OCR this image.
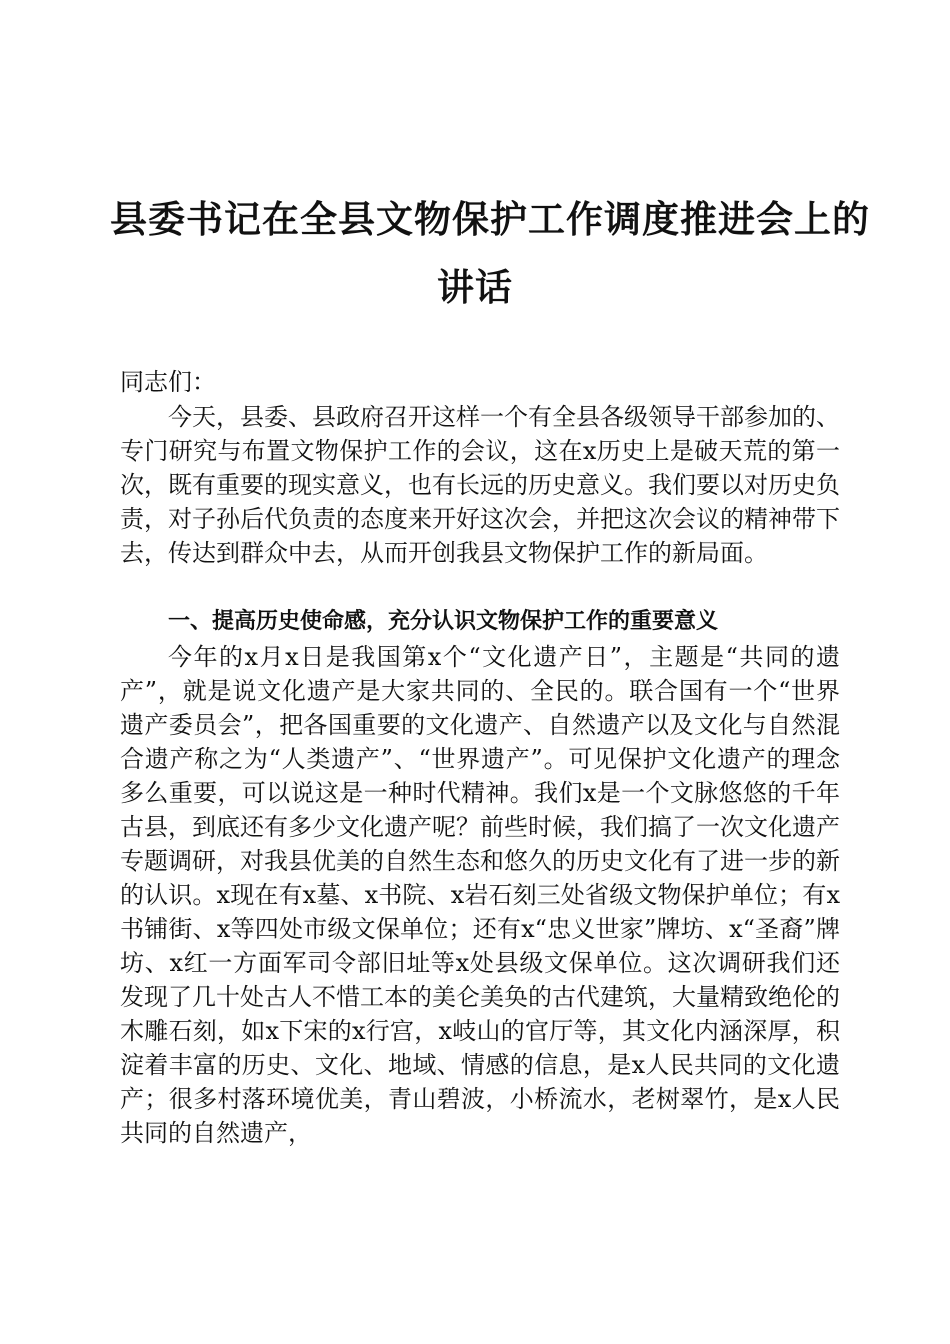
县委书记在全县文物保护工作调度推进会上的
讲话

同志们：

今天，县委、县政府召开这样一个有全县各级领导干部参加的、专门研究与布置文物保护工作的会议，这在x历史上是破天荒的第一次，既有重要的现实意义，也有长远的历史意义。我们要以对历史负责，对子孙后代负责的态度来开好这次会，并把这次会议的精神带下去，传达到群众中去，从而开创我县文物保护工作的新局面。

一、提高历史使命感，充分认识文物保护工作的重要意义

今年的x月x日是我国第x个“文化遗产日”，主题是“共同的遗产”，就是说文化遗产是大家共同的、全民的。联合国有一个“世界遗产委员会”，把各国重要的文化遗产、自然遗产以及文化与自然混合遗产称之为“人类遗产”、“世界遗产”。可见保护文化遗产的理念多么重要，可以说这是一种时代精神。我们x是一个文脉悠悠的千年古县，到底还有多少文化遗产呢？前些时候，我们搞了一次文化遗产专题调研，对我县优美的自然生态和悠久的历史文化有了进一步的新的认识。x现在有x墓、x书院、x岩石刻三处省级文物保护单位；有x书铺街、x等四处市级文保单位；还有x“忠义世家”牌坊、x“圣裔”牌坊、x红一方面军司令部旧址等x处县级文保单位。这次调研我们还发现了几十处古人不惜工本的美仑美奂的古代建筑，大量精致绝伦的木雕石刻，如x下宋的x行宫，x岐山的官厅等，其文化内涵深厚，积淀着丰富的历史、文化、地域、情感的信息，是x人民共同的文化遗产；很多村落环境优美，青山碧波，小桥流水，老树翠竹，是x人民共同的自然遗产，
